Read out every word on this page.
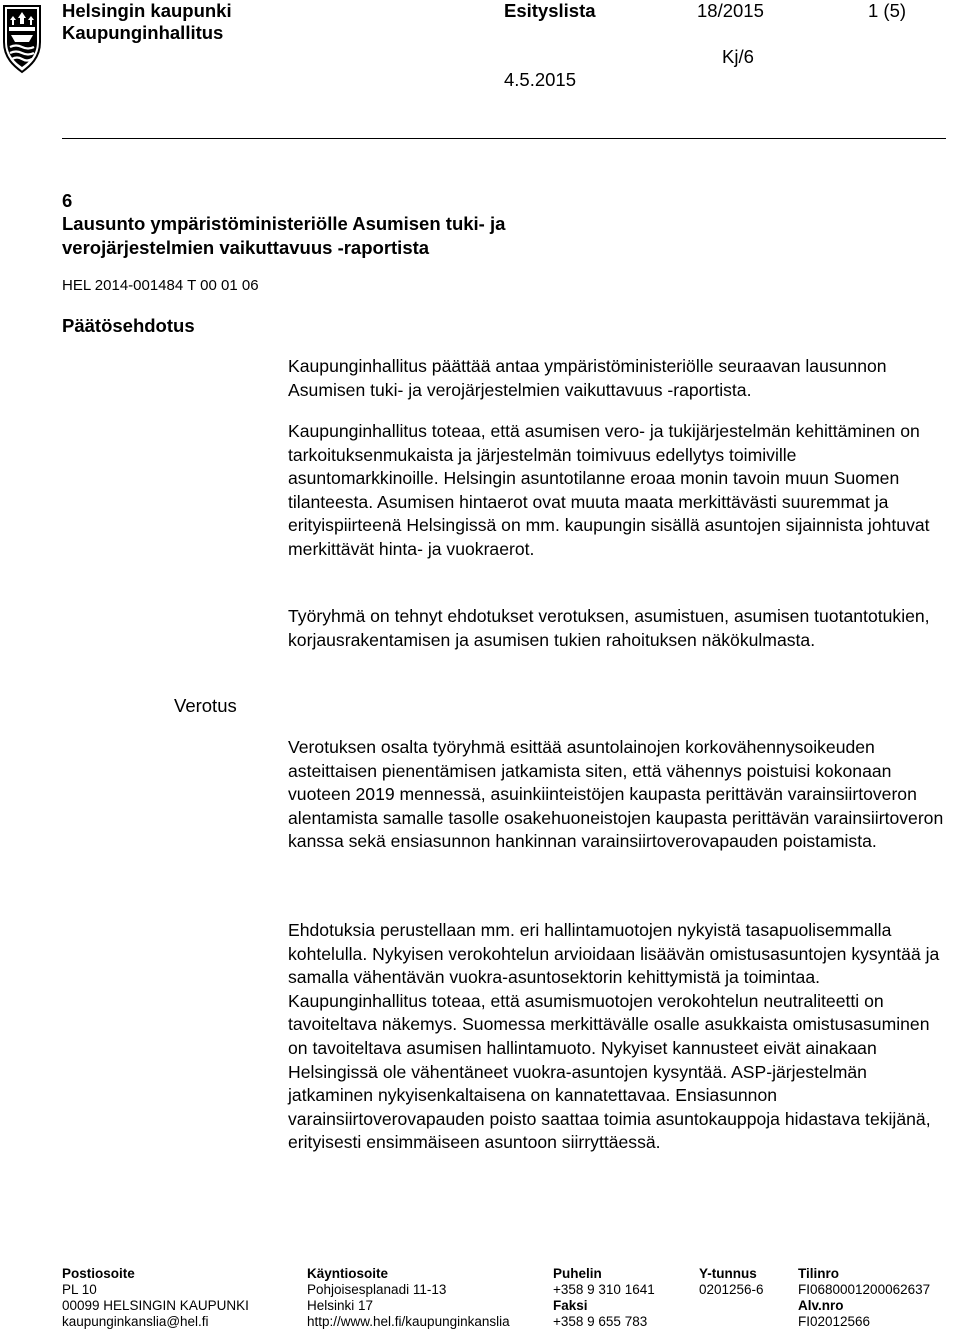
Helsingin kaupunki
Kaupunginhallitus
Esityslista	18/2015	1 (5)
Kj/6
4.5.2015
6
Lausunto ympäristöministeriölle Asumisen tuki- ja
verojärjestelmien vaikuttavuus -raportista
HEL 2014-001484 T 00 01 06
Päätösehdotus

Kaupunginhallitus päättää antaa ympäristöministeriölle seuraavan lausunnon Asumisen tuki- ja verojärjestelmien vaikuttavuus -raportista.

Kaupunginhallitus toteaa, että asumisen vero- ja tukijärjestelmän kehittäminen on tarkoituksenmukaista ja järjestelmän toimivuus edellytys toimiville asuntomarkkinoille. Helsingin asuntotilanne eroaa monin tavoin muun Suomen tilanteesta. Asumisen hintaerot ovat muuta maata merkittävästi suuremmat ja erityispiirteenä Helsingissä on mm. kaupungin sisällä asuntojen sijainnista johtuvat merkittävät hinta- ja vuokraerot.

Työryhmä on tehnyt ehdotukset verotuksen, asumistuen, asumisen tuotantotukien, korjausrakentamisen ja asumisen tukien rahoituksen näkökulmasta.

Verotus

Verotuksen osalta työryhmä esittää asuntolainojen korkovähennysoikeuden asteittaisen pienentämisen jatkamista siten, että vähennys poistuisi kokonaan vuoteen 2019 mennessä, asuinkiinteistöjen kaupasta perittävän varainsiirtoveron alentamista samalle tasolle osakehuoneistojen kaupasta perittävän varainsiirtoveron kanssa sekä ensiasunnon hankinnan varainsiirtoverovapauden poistamista.

Ehdotuksia perustellaan mm. eri hallintamuotojen nykyistä tasapuolisemmalla kohtelulla. Nykyisen verokohtelun arvioidaan lisäävän omistusasuntojen kysyntää ja samalla vähentävän vuokra-asuntosektorin kehittymistä ja toimintaa. Kaupunginhallitus toteaa, että asumismuotojen verokohtelun neutraliteetti on tavoiteltava näkemys. Suomessa merkittävälle osalle asukkaista omistusasuminen on tavoiteltava asumisen hallintamuoto. Nykyiset kannusteet eivät ainakaan Helsingissä ole vähentäneet vuokra-asuntojen kysyntää. ASP-järjestelmän jatkaminen nykyisenkaltaisena on kannatettavaa. Ensiasunnon varainsiirtoverovapauden poisto saattaa toimia asuntokauppoja hidastava tekijänä, erityisesti ensimmäiseen asuntoon siirryttäessä.

Postiosoite
PL 10
00099 HELSINGIN KAUPUNKI
kaupunginkanslia@hel.fi
Käyntiosoite
Pohjoisesplanadi 11-13
Helsinki 17
http://www.hel.fi/kaupunginkanslia
Puhelin
+358 9 310 1641
Faksi
+358 9 655 783
Y-tunnus
0201256-6
Tilinro
FI0680001200062637
Alv.nro
FI02012566
